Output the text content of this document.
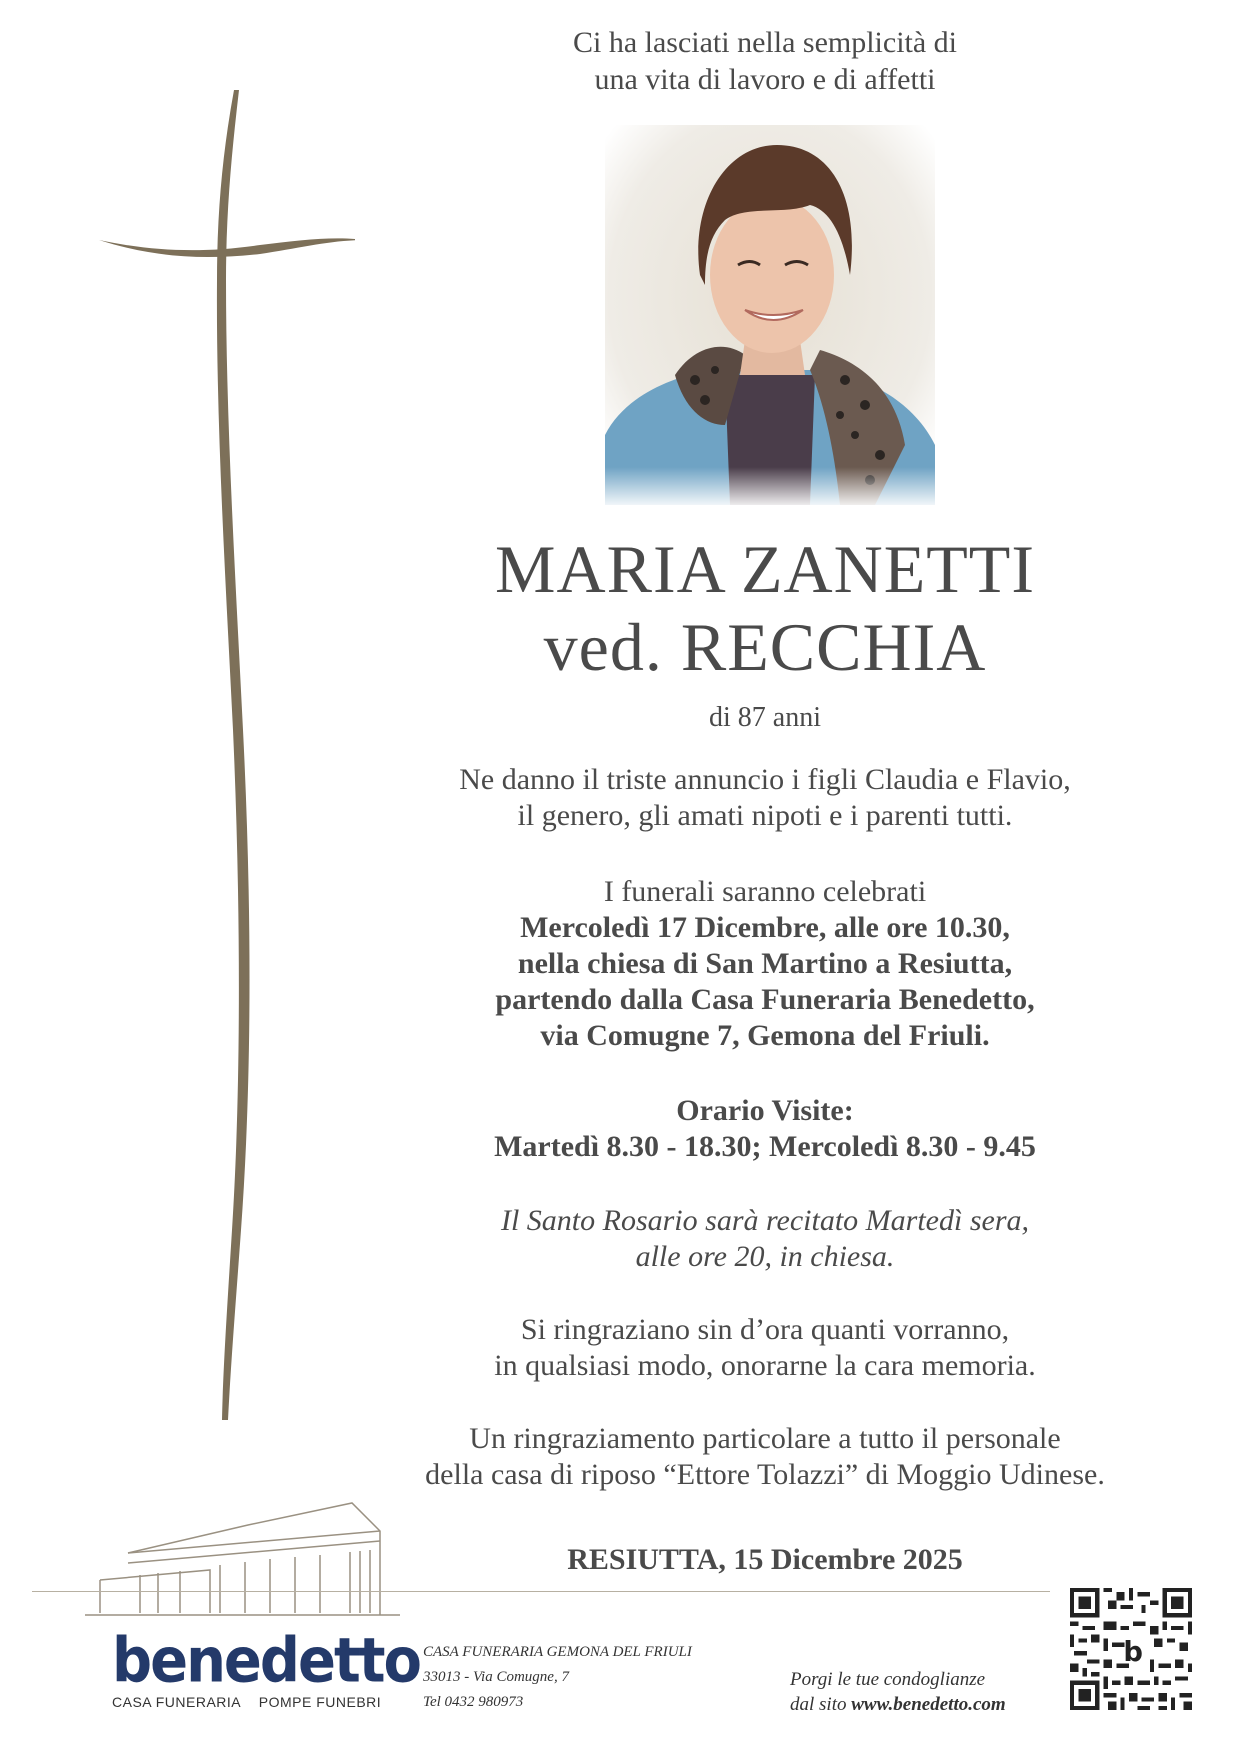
Ci ha lasciati nella semplicità di
una vita di lavoro e di affetti
MARIA ZANETTI
ved. RECCHIA
di 87 anni
Ne danno il triste annuncio i figli Claudia e Flavio,
il genero, gli amati nipoti e i parenti tutti.
I funerali saranno celebrati
Mercoledì 17 Dicembre, alle ore 10.30,
nella chiesa di San Martino a Resiutta,
partendo dalla Casa Funeraria Benedetto,
via Comugne 7, Gemona del Friuli.
Orario Visite:
Martedì 8.30 - 18.30; Mercoledì 8.30 - 9.45
Il Santo Rosario sarà recitato Martedì sera,
alle ore 20, in chiesa.
Si ringraziano sin d’ora quanti vorranno,
in qualsiasi modo, onorarne la cara memoria.
Un ringraziamento particolare a tutto il personale
della casa di riposo “Ettore Tolazzi” di Moggio Udinese.
RESIUTTA, 15 Dicembre 2025
benedetto
CASA FUNERARIA POMPE FUNEBRI
CASA FUNERARIA GEMONA DEL FRIULI
33013 - Via Comugne, 7
Tel 0432 980973
Porgi le tue condoglianze
dal sito www.benedetto.com
b
